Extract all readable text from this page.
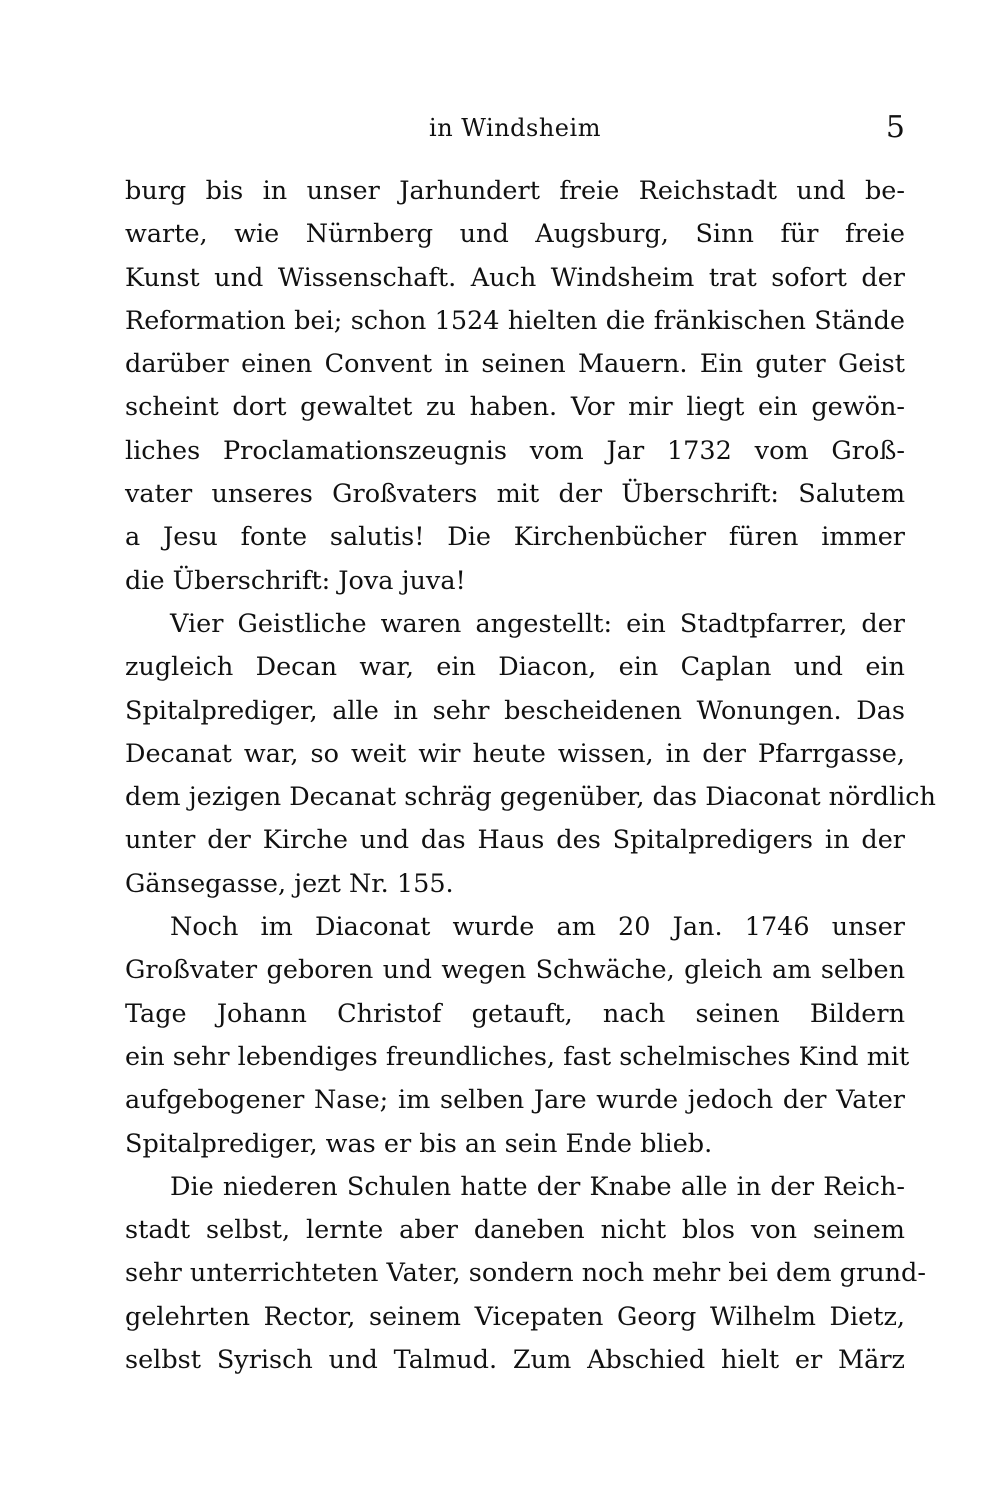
in Windsheim	5
burg bis in unser Jarhundert freie Reichstadt und be-
warte, wie Nürnberg und Augsburg, Sinn für freie
Kunst und Wissenschaft. Auch Windsheim trat sofort der
Reformation bei; schon 1524 hielten die fränkischen Stände
darüber einen Convent in seinen Mauern. Ein guter Geist
scheint dort gewaltet zu haben. Vor mir liegt ein gewön-
liches Proclamationszeugnis vom Jar 1732 vom Groß-
vater unseres Großvaters mit der Überschrift: Salutem
a Jesu fonte salutis! Die Kirchenbücher füren immer
die Überschrift: Jova juva!
Vier Geistliche waren angestellt: ein Stadtpfarrer, der
zugleich Decan war, ein Diacon, ein Caplan und ein
Spitalprediger, alle in sehr bescheidenen Wonungen. Das
Decanat war, so weit wir heute wissen, in der Pfarrgasse,
dem jezigen Decanat schräg gegenüber, das Diaconat nördlich
unter der Kirche und das Haus des Spitalpredigers in der
Gänsegasse, jezt Nr. 155.
Noch im Diaconat wurde am 20 Jan. 1746 unser
Großvater geboren und wegen Schwäche, gleich am selben
Tage Johann Christof getauft, nach seinen Bildern
ein sehr lebendiges freundliches, fast schelmisches Kind mit
aufgebogener Nase; im selben Jare wurde jedoch der Vater
Spitalprediger, was er bis an sein Ende blieb.
Die niederen Schulen hatte der Knabe alle in der Reich-
stadt selbst, lernte aber daneben nicht blos von seinem
sehr unterrichteten Vater, sondern noch mehr bei dem grund-
gelehrten Rector, seinem Vicepaten Georg Wilhelm Dietz,
selbst Syrisch und Talmud. Zum Abschied hielt er März
